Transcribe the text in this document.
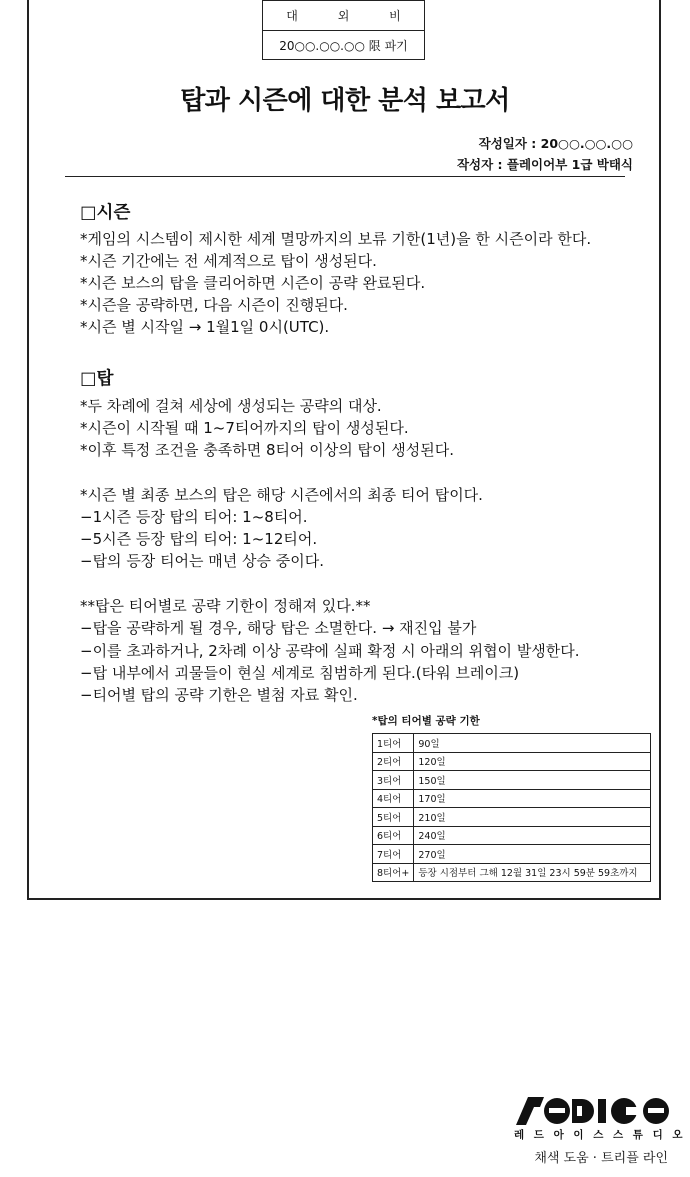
대 외 비
20○○.○○.○○ 限 파기
탑과 시즌에 대한 분석 보고서
작성일자 : 20○○.○○.○○
작성자 : 플레이어부 1급 박태식
□시즌
*게임의 시스템이 제시한 세계 멸망까지의 보류 기한(1년)을 한 시즌이라 한다.
*시즌 기간에는 전 세계적으로 탑이 생성된다.
*시즌 보스의 탑을 클리어하면 시즌이 공략 완료된다.
*시즌을 공략하면, 다음 시즌이 진행된다.
*시즌 별 시작일 → 1월1일 0시(UTC).
□탑
*두 차례에 걸쳐 세상에 생성되는 공략의 대상.
*시즌이 시작될 때 1~7티어까지의 탑이 생성된다.
*이후 특정 조건을 충족하면 8티어 이상의 탑이 생성된다.
*시즌 별 최종 보스의 탑은 해당 시즌에서의 최종 티어 탑이다.
−1시즌 등장 탑의 티어: 1~8티어.
−5시즌 등장 탑의 티어: 1~12티어.
−탑의 등장 티어는 매년 상승 중이다.
**탑은 티어별로 공략 기한이 정해져 있다.**
−탑을 공략하게 될 경우, 해당 탑은 소멸한다. → 재진입 불가
−이를 초과하거나, 2차례 이상 공략에 실패 확정 시 아래의 위협이 발생한다.
−탑 내부에서 괴물들이 현실 세계로 침범하게 된다.(타워 브레이크)
−티어별 탑의 공략 기한은 별첨 자료 확인.
*탑의 티어별 공략 기한
1티어	90일
2티어	120일
3티어	150일
4티어	170일
5티어	210일
6티어	240일
7티어	270일
8티어+	등장 시점부터 그해 12월 31일 23시 59분 59초까지
레 드 아 이 스 스 튜 디 오
채색 도움 · 트리플 라인
